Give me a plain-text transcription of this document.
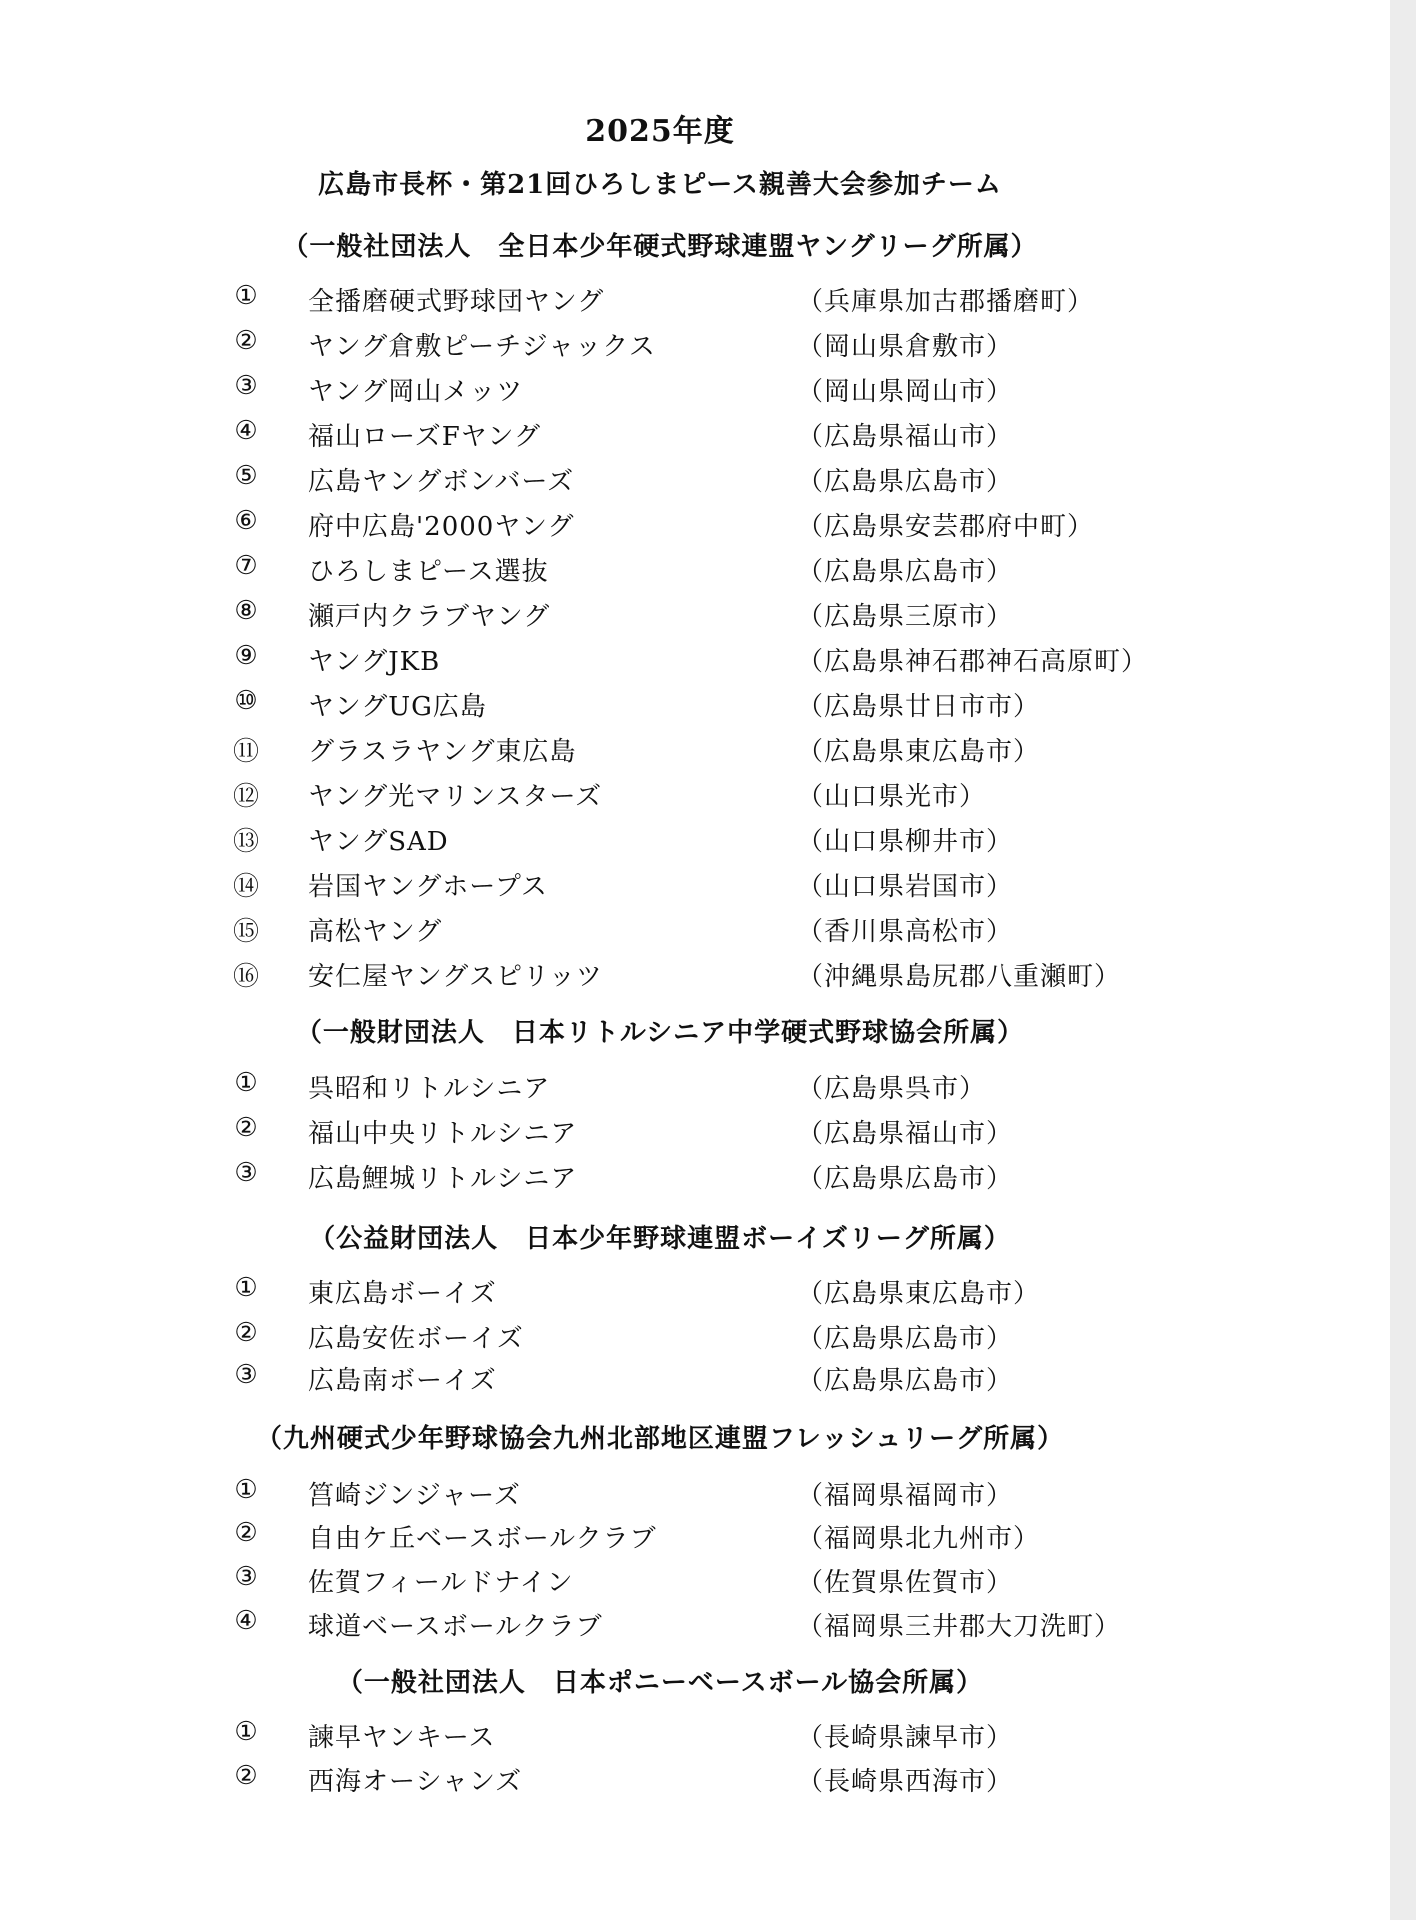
2025年度
広島市長杯・第21回ひろしまピース親善大会参加チーム
（一般社団法人　全日本少年硬式野球連盟ヤングリーグ所属）
①	全播磨硬式野球団ヤング	（兵庫県加古郡播磨町）
②	ヤング倉敷ピーチジャックス	（岡山県倉敷市）
③	ヤング岡山メッツ	（岡山県岡山市）
④	福山ローズFヤング	（広島県福山市）
⑤	広島ヤングボンバーズ	（広島県広島市）
⑥	府中広島'2000ヤング	（広島県安芸郡府中町）
⑦	ひろしまピース選抜	（広島県広島市）
⑧	瀬戸内クラブヤング	（広島県三原市）
⑨	ヤングJKB	（広島県神石郡神石高原町）
⑩	ヤングUG広島	（広島県廿日市市）
⑪ グラスラヤング東広島	（広島県東広島市）
⑫ ヤング光マリンスターズ	（山口県光市）
⑬ ヤングSAD	（山口県柳井市）
⑭ 岩国ヤングホープス	（山口県岩国市）
⑮ 高松ヤング	（香川県高松市）
⑯ 安仁屋ヤングスピリッツ	（沖縄県島尻郡八重瀬町）
（一般財団法人　日本リトルシニア中学硬式野球協会所属）
①	呉昭和リトルシニア	（広島県呉市）
②	福山中央リトルシニア	（広島県福山市）
③	広島鯉城リトルシニア	（広島県広島市）
（公益財団法人　日本少年野球連盟ボーイズリーグ所属）
①	東広島ボーイズ	（広島県東広島市）
②	広島安佐ボーイズ	（広島県広島市）
③	広島南ボーイズ	（広島県広島市）
（九州硬式少年野球協会九州北部地区連盟フレッシュリーグ所属）
①	筥崎ジンジャーズ	（福岡県福岡市）
②	自由ケ丘ベースボールクラブ	（福岡県北九州市）
③	佐賀フィールドナイン	（佐賀県佐賀市）
④	球道ベースボールクラブ	（福岡県三井郡大刀洗町）
（一般社団法人　日本ポニーベースボール協会所属）
①	諫早ヤンキース	（長崎県諫早市）
②	西海オーシャンズ	（長崎県西海市）
